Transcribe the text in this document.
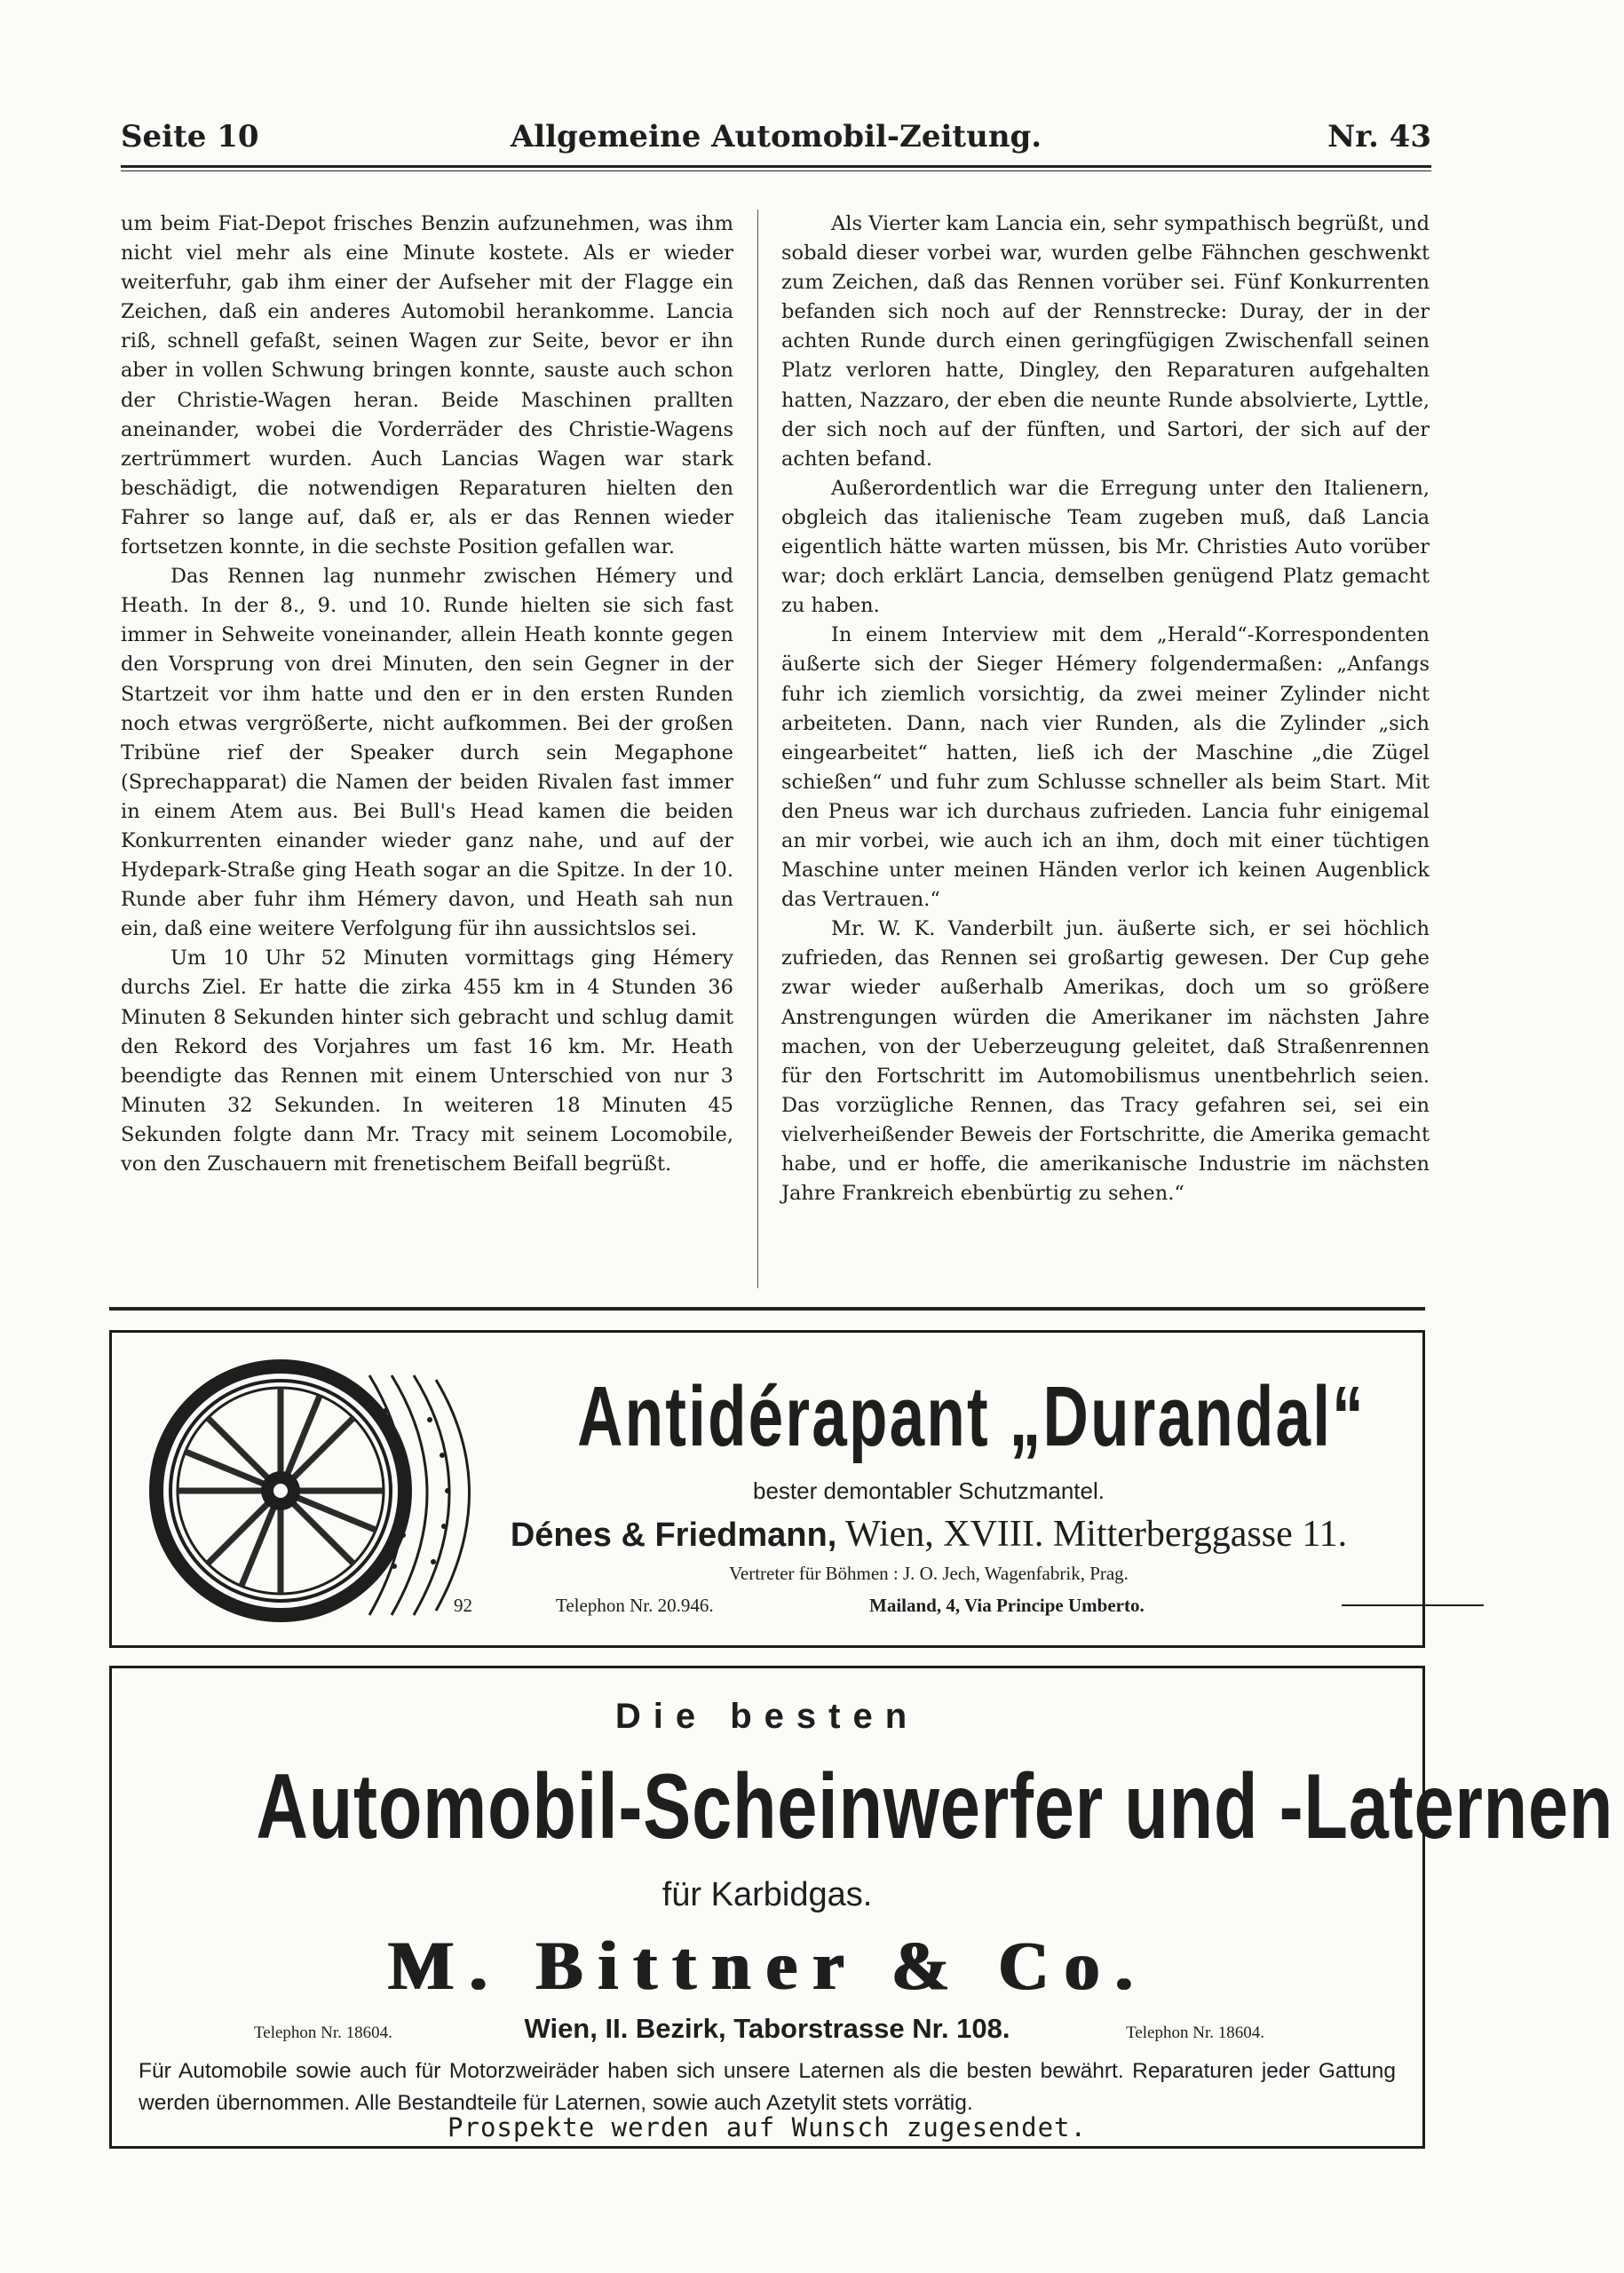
Seite 10	Allgemeine Automobil-Zeitung.	Nr. 43

um beim Fiat-Depot frisches Benzin aufzunehmen, was ihm nicht viel mehr als eine Minute kostete. Als er wieder weiterfuhr, gab ihm einer der Aufseher mit der Flagge ein Zeichen, daß ein anderes Automobil herankomme. Lancia riß, schnell gefaßt, seinen Wagen zur Seite, bevor er ihn aber in vollen Schwung bringen konnte, sauste auch schon der Christie-Wagen heran. Beide Maschinen prallten aneinander, wobei die Vorderräder des Christie-Wagens zertrümmert wurden. Auch Lancias Wagen war stark beschädigt, die notwendigen Reparaturen hielten den Fahrer so lange auf, daß er, als er das Rennen wieder fortsetzen konnte, in die sechste Position gefallen war.

Das Rennen lag nunmehr zwischen Hémery und Heath. In der 8., 9. und 10. Runde hielten sie sich fast immer in Sehweite voneinander, allein Heath konnte gegen den Vorsprung von drei Minuten, den sein Gegner in der Startzeit vor ihm hatte und den er in den ersten Runden noch etwas vergrößerte, nicht aufkommen. Bei der großen Tribüne rief der Speaker durch sein Megaphone (Sprechapparat) die Namen der beiden Rivalen fast immer in einem Atem aus. Bei Bull's Head kamen die beiden Konkurrenten einander wieder ganz nahe, und auf der Hydepark-Straße ging Heath sogar an die Spitze. In der 10. Runde aber fuhr ihm Hémery davon, und Heath sah nun ein, daß eine weitere Verfolgung für ihn aussichtslos sei.

Um 10 Uhr 52 Minuten vormittags ging Hémery durchs Ziel. Er hatte die zirka 455 km in 4 Stunden 36 Minuten 8 Sekunden hinter sich gebracht und schlug damit den Rekord des Vorjahres um fast 16 km. Mr. Heath beendigte das Rennen mit einem Unterschied von nur 3 Minuten 32 Sekunden. In weiteren 18 Minuten 45 Sekunden folgte dann Mr. Tracy mit seinem Locomobile, von den Zuschauern mit frenetischem Beifall begrüßt.

Als Vierter kam Lancia ein, sehr sympathisch begrüßt, und sobald dieser vorbei war, wurden gelbe Fähnchen geschwenkt zum Zeichen, daß das Rennen vorüber sei. Fünf Konkurrenten befanden sich noch auf der Rennstrecke: Duray, der in der achten Runde durch einen geringfügigen Zwischenfall seinen Platz verloren hatte, Dingley, den Reparaturen aufgehalten hatten, Nazzaro, der eben die neunte Runde absolvierte, Lyttle, der sich noch auf der fünften, und Sartori, der sich auf der achten befand.

Außerordentlich war die Erregung unter den Italienern, obgleich das italienische Team zugeben muß, daß Lancia eigentlich hätte warten müssen, bis Mr. Christies Auto vorüber war; doch erklärt Lancia, demselben genügend Platz gemacht zu haben.

In einem Interview mit dem „Herald“-Korrespondenten äußerte sich der Sieger Hémery folgendermaßen: „Anfangs fuhr ich ziemlich vorsichtig, da zwei meiner Zylinder nicht arbeiteten. Dann, nach vier Runden, als die Zylinder „sich eingearbeitet“ hatten, ließ ich der Maschine „die Zügel schießen“ und fuhr zum Schlusse schneller als beim Start. Mit den Pneus war ich durchaus zufrieden. Lancia fuhr einigemal an mir vorbei, wie auch ich an ihm, doch mit einer tüchtigen Maschine unter meinen Händen verlor ich keinen Augenblick das Vertrauen.“

Mr. W. K. Vanderbilt jun. äußerte sich, er sei höchlich zufrieden, das Rennen sei großartig gewesen. Der Cup gehe zwar wieder außerhalb Amerikas, doch um so größere Anstrengungen würden die Amerikaner im nächsten Jahre machen, von der Ueberzeugung geleitet, daß Straßenrennen für den Fortschritt im Automobilismus unentbehrlich seien. Das vorzügliche Rennen, das Tracy gefahren sei, sei ein vielverheißender Beweis der Fortschritte, die Amerika gemacht habe, und er hoffe, die amerikanische Industrie im nächsten Jahre Frankreich ebenbürtig zu sehen.“

Antidérapant „Durandal“
bester demontabler Schutzmantel.
Dénes & Friedmann, Wien, XVIII. Mitterberggasse 11.
Vertreter für Böhmen : J. O. Jech, Wagenfabrik, Prag.
92	Telephon Nr. 20.946.	Mailand, 4, Via Principe Umberto.
Die besten
Automobil-Scheinwerfer und -Laternen
für Karbidgas.
M. Bittner & Co.
Telephon Nr. 18604.	Wien, II. Bezirk, Taborstrasse Nr. 108.	Telephon Nr. 18604.
Für Automobile sowie auch für Motorzweiräder haben sich unsere Laternen als die besten bewährt. Reparaturen jeder Gattung werden übernommen. Alle Bestandteile für Laternen, sowie auch Azetylit stets vorrätig.
Prospekte werden auf Wunsch zugesendet.
